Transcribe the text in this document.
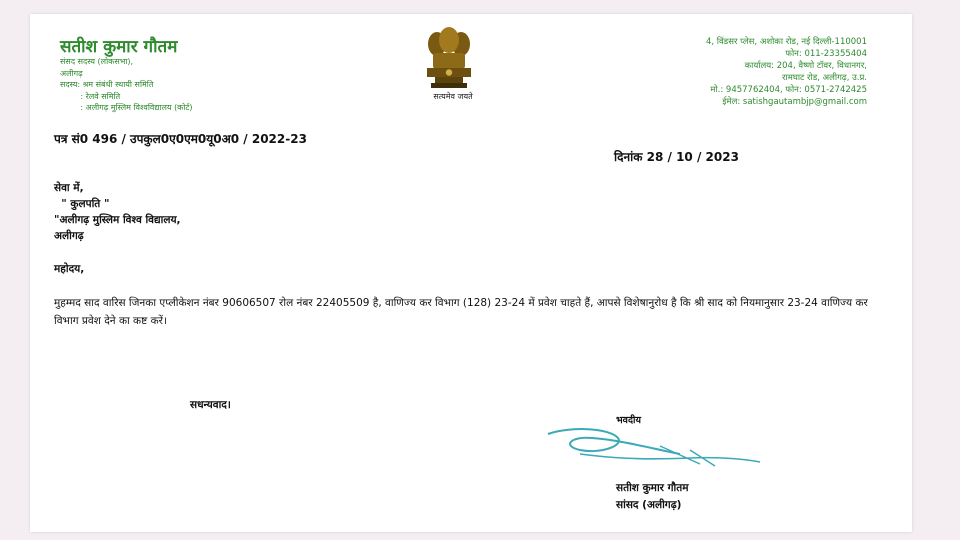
सतीश कुमार गौतम
संसद सदस्य (लोकसभा),
अलीगढ़
सदस्य: श्रम संबंधी स्थायी समिति
: रेलवे समिति
: अलीगढ़ मुस्लिम विश्वविद्यालय (कोर्ट)
4, विंडसर प्लेस, अशोका रोड, नई दिल्ली-110001
फोन: 011-23355404
कार्यालय: 204, वैष्णो टॉवर, विधानगर,
रामघाट रोड, अलीगढ़, उ.प्र.
मो.: 9457762404, फोन: 0571-2742425
ईमेल: satishgautambjp@gmail.com
सत्यमेव जयते
पत्र सं0 496 / उपकुल0ए0एम0यू0अ0 / 2022-23
दिनांक 28 / 10 / 2023
सेवा में,
" कुलपति "
"अलीगढ़ मुस्लिम विश्व विद्यालय,
अलीगढ़
महोदय,
मुहम्मद साद वारिस जिनका एप्लीकेशन नंबर 90606507 रोल नंबर 22405509 है, वाणिज्य कर विभाग (128) 23-24 में प्रवेश चाहते हैं, आपसे विशेषानुरोध है कि श्री साद को नियमानुसार 23-24 वाणिज्य कर विभाग प्रवेश देने का कष्ट करें।
सधन्यवाद।
भवदीय
सतीश कुमार गौतम
सांसद (अलीगढ़)
